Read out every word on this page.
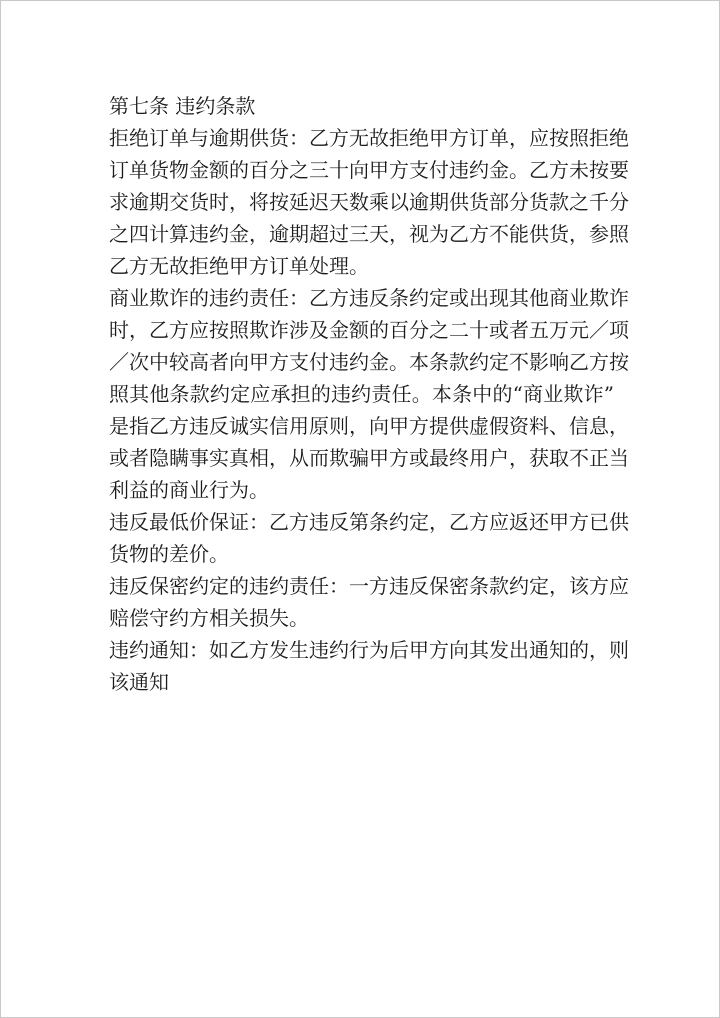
第七条 违约条款
拒绝订单与逾期供货：乙方无故拒绝甲方订单，应按照拒绝
订单货物金额的百分之三十向甲方支付违约金。乙方未按要
求逾期交货时，将按延迟天数乘以逾期供货部分货款之千分
之四计算违约金，逾期超过三天，视为乙方不能供货，参照
乙方无故拒绝甲方订单处理。
商业欺诈的违约责任：乙方违反条约定或出现其他商业欺诈
时，乙方应按照欺诈涉及金额的百分之二十或者五万元／项
／次中较高者向甲方支付违约金。本条款约定不影响乙方按
照其他条款约定应承担的违约责任。本条中的“商业欺诈”
是指乙方违反诚实信用原则，向甲方提供虚假资料、信息，
或者隐瞒事实真相，从而欺骗甲方或最终用户，获取不正当
利益的商业行为。
违反最低价保证：乙方违反第条约定，乙方应返还甲方已供
货物的差价。
违反保密约定的违约责任：一方违反保密条款约定，该方应
赔偿守约方相关损失。
违约通知：如乙方发生违约行为后甲方向其发出通知的，则
该通知
